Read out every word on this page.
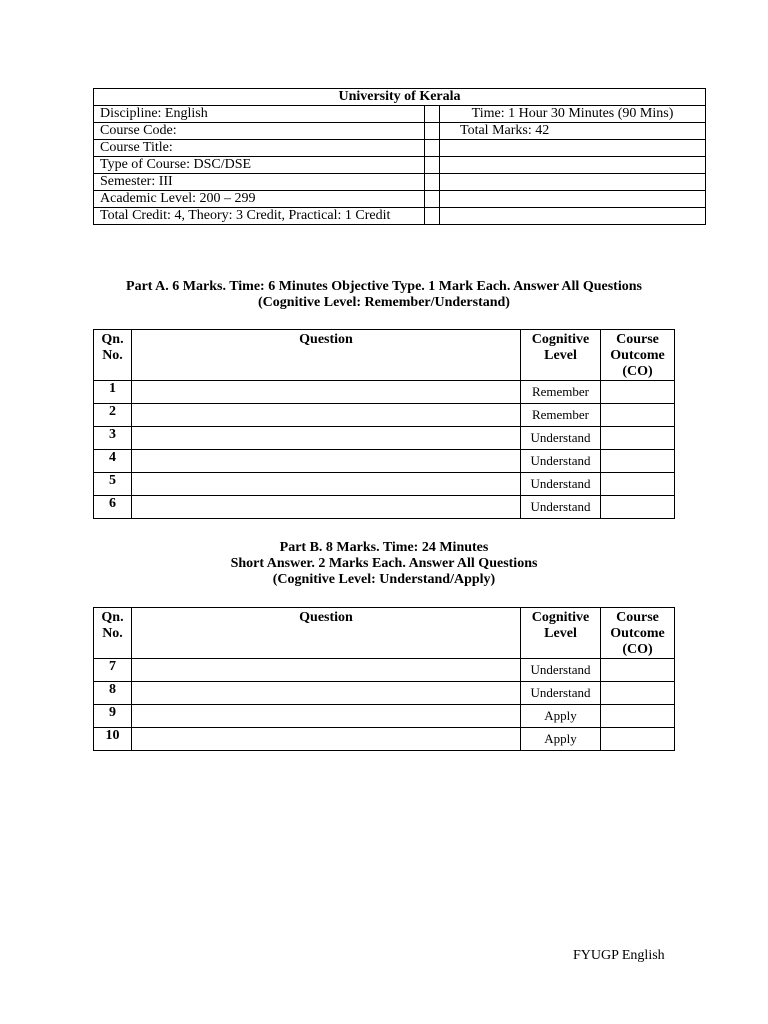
University of Kerala		
Discipline: English		Time: 1 Hour 30 Minutes (90 Mins)
Course Code:		Total Marks: 42
Course Title:		
Type of Course: DSC/DSE		
Semester: III		
Academic Level: 200 – 299		
Total Credit: 4, Theory: 3 Credit, Practical: 1 Credit		
Part A. 6 Marks. Time: 6 Minutes Objective Type. 1 Mark Each. Answer All Questions
(Cognitive Level: Remember/Understand)
Qn. No.	Question	Cognitive Level	Course Outcome (CO)
1		Remember	
2		Remember	
3		Understand	
4		Understand	
5		Understand	
6		Understand	
Part B. 8 Marks. Time: 24 Minutes
Short Answer. 2 Marks Each. Answer All Questions
(Cognitive Level: Understand/Apply)
Qn. No.	Question	Cognitive Level	Course Outcome (CO)
7		Understand	
8		Understand	
9		Apply	
10		Apply	
FYUGP English
